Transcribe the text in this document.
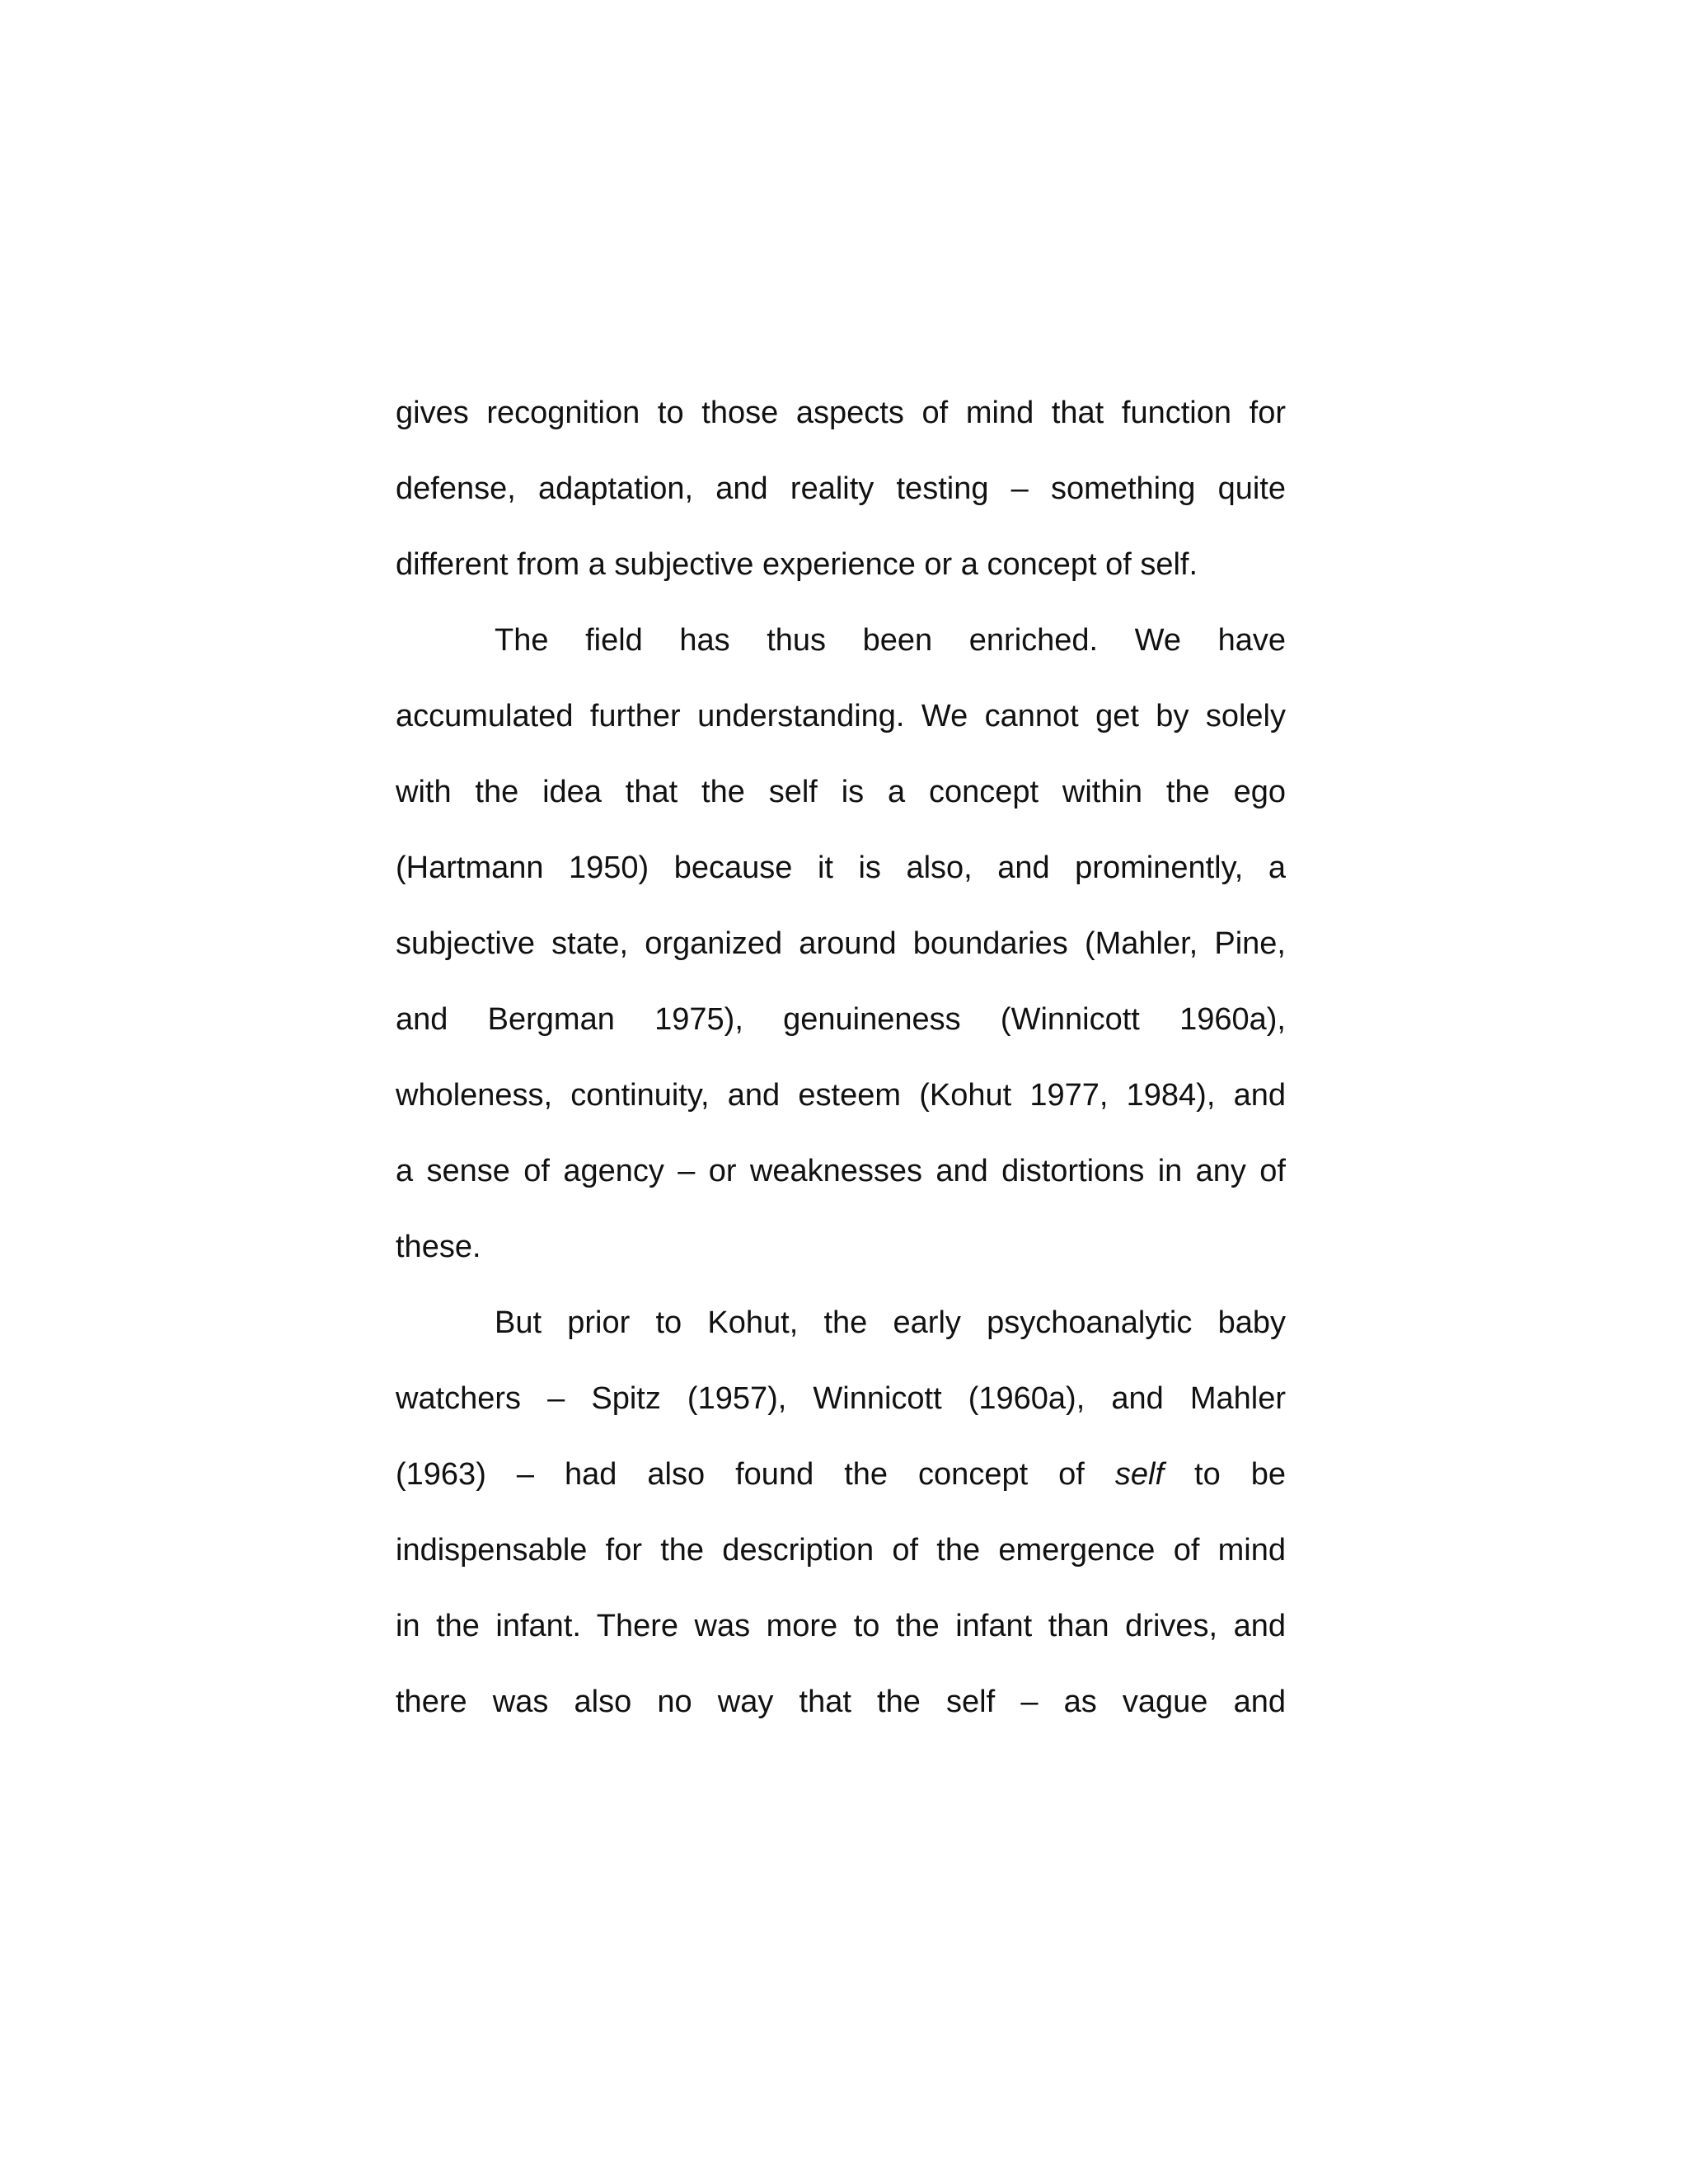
gives recognition to those aspects of mind that function for
defense, adaptation, and reality testing – something quite
different from a subjective experience or a concept of self.
The field has thus been enriched. We have
accumulated further understanding. We cannot get by solely
with the idea that the self is a concept within the ego
(Hartmann 1950) because it is also, and prominently, a
subjective state, organized around boundaries (Mahler, Pine,
and Bergman 1975), genuineness (Winnicott 1960a),
wholeness, continuity, and esteem (Kohut 1977, 1984), and
a sense of agency – or weaknesses and distortions in any of
these.
But prior to Kohut, the early psychoanalytic baby
watchers – Spitz (1957), Winnicott (1960a), and Mahler
(1963) – had also found the concept of self to be
indispensable for the description of the emergence of mind
in the infant. There was more to the infant than drives, and
there was also no way that the self – as vague and
